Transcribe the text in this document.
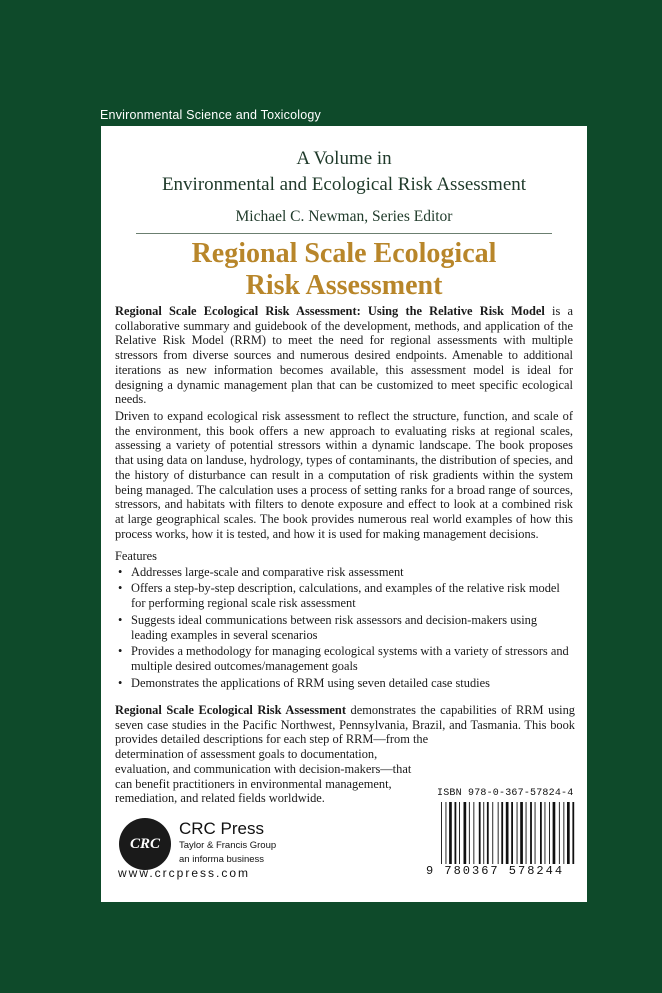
Environmental Science and Toxicology
A Volume in
Environmental and Ecological Risk Assessment
Michael C. Newman, Series Editor
Regional Scale Ecological
Risk Assessment
Regional Scale Ecological Risk Assessment: Using the Relative Risk Model is a collaborative summary and guidebook of the development, methods, and application of the Relative Risk Model (RRM) to meet the need for regional assessments with multiple stressors from diverse sources and numerous desired endpoints. Amenable to additional iterations as new information becomes available, this assessment model is ideal for designing a dynamic management plan that can be customized to meet specific ecological needs.
Driven to expand ecological risk assessment to reflect the structure, function, and scale of the environment, this book offers a new approach to evaluating risks at regional scales, assessing a variety of potential stressors within a dynamic landscape. The book proposes that using data on landuse, hydrology, types of contaminants, the distribution of species, and the history of disturbance can result in a computation of risk gradients within the system being managed. The calculation uses a process of setting ranks for a broad range of sources, stressors, and habitats with filters to denote exposure and effect to look at a combined risk at large geographical scales. The book provides numerous real world examples of how this process works, how it is tested, and how it is used for making management decisions.
Features
• Addresses large-scale and comparative risk assessment
• Offers a step-by-step description, calculations, and examples of the relative risk model for performing regional scale risk assessment
• Suggests ideal communications between risk assessors and decision-makers using leading examples in several scenarios
• Provides a methodology for managing ecological systems with a variety of stressors and multiple desired outcomes/management goals
• Demonstrates the applications of RRM using seven detailed case studies
Regional Scale Ecological Risk Assessment demonstrates the capabilities of RRM using seven case studies in the Pacific Northwest, Pennsylvania, Brazil, and Tasmania. This book provides detailed descriptions for each step of RRM—from the
determination of assessment goals to documentation, evaluation, and communication with decision-makers—that can benefit practitioners in environmental management, remediation, and related fields worldwide.
CRC
CRC Press
Taylor & Francis Group
an informa business
www.crcpress.com
ISBN 978-0-367-57824-4
9 780367 578244
